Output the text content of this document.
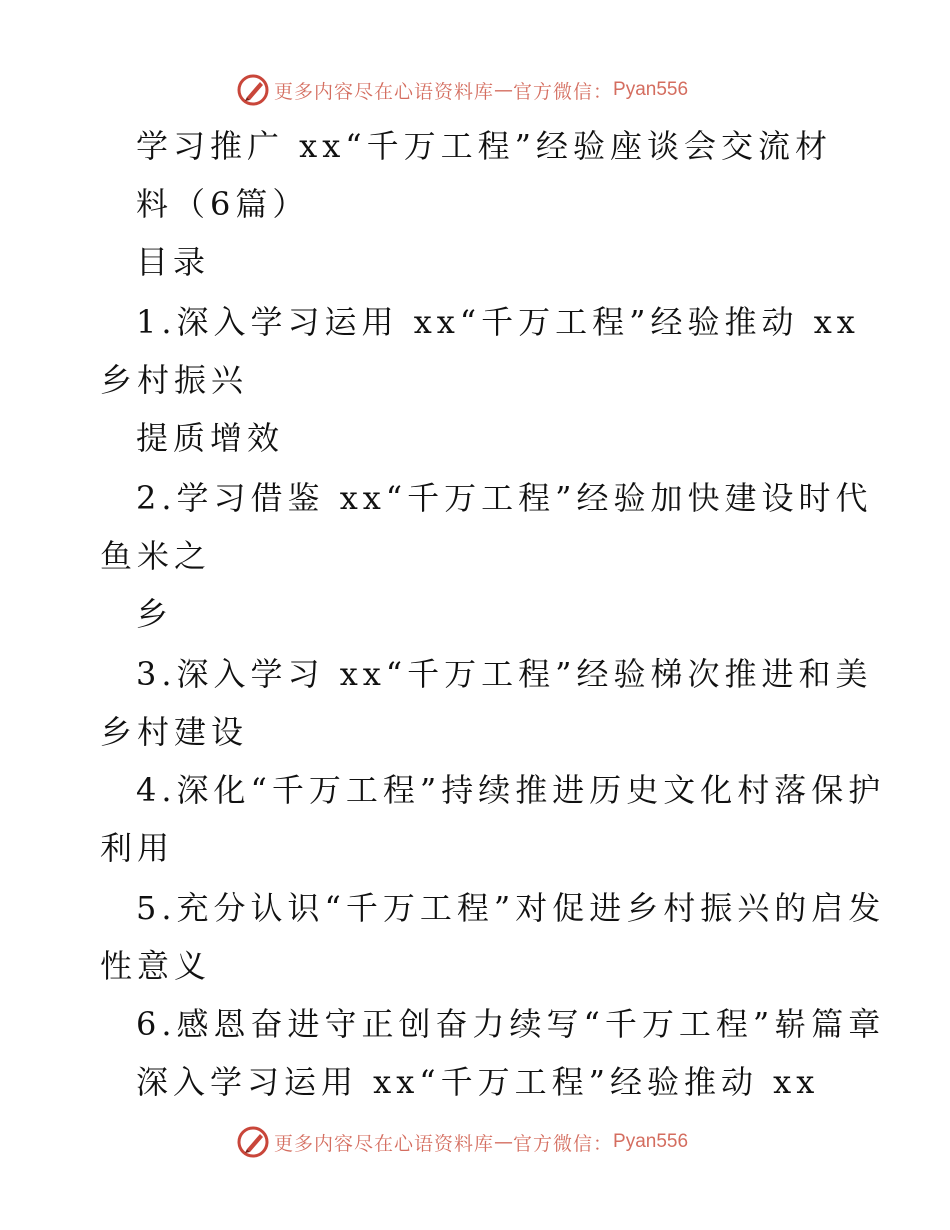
更多内容尽在心语资料库 — 官方微信： Pyan556
学习推广 xx“千万工程”经验座谈会交流材
料（6篇）
目录
1.深入学习运用 xx“千万工程”经验推动 xx
乡村振兴
提质增效
2.学习借鉴 xx“千万工程”经验加快建设时代
鱼米之
乡
3.深入学习 xx“千万工程”经验梯次推进和美
乡村建设
4.深化“千万工程”持续推进历史文化村落保护
利用
5.充分认识“千万工程”对促进乡村振兴的启发
性意义
6.感恩奋进守正创奋力续写“千万工程”崭篇章
深入学习运用 xx“千万工程”经验推动 xx
更多内容尽在心语资料库 — 官方微信： Pyan556
